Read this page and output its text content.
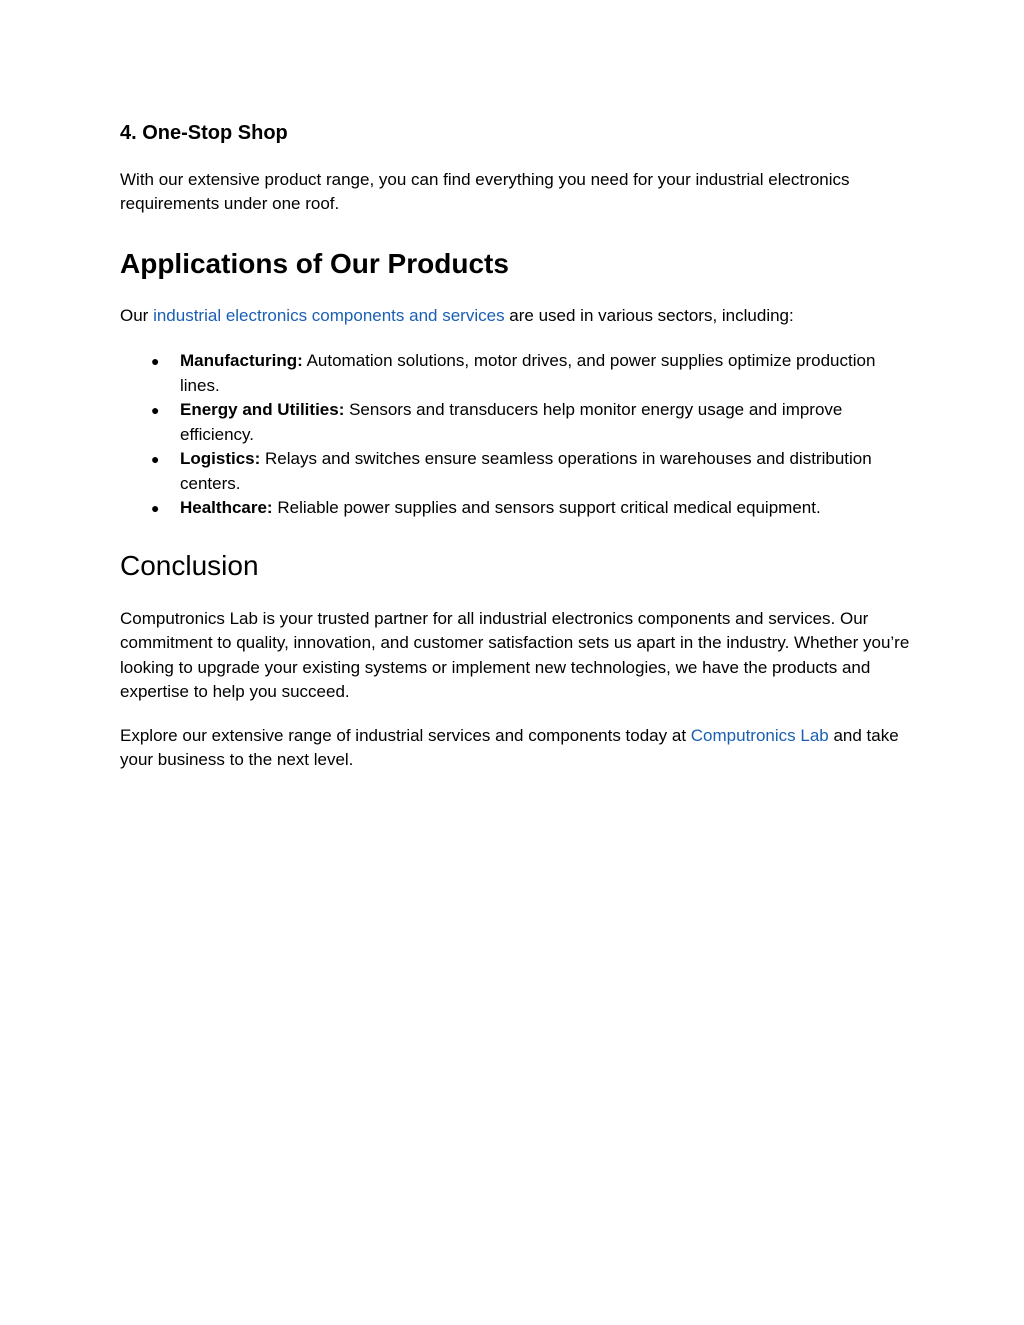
4. One-Stop Shop

With our extensive product range, you can find everything you need for your industrial electronics requirements under one roof.

Applications of Our Products

Our industrial electronics components and services are used in various sectors, including:

● Manufacturing: Automation solutions, motor drives, and power supplies optimize production lines.
● Energy and Utilities: Sensors and transducers help monitor energy usage and improve efficiency.
● Logistics: Relays and switches ensure seamless operations in warehouses and distribution centers.
● Healthcare: Reliable power supplies and sensors support critical medical equipment.
Conclusion

Computronics Lab is your trusted partner for all industrial electronics components and services. Our commitment to quality, innovation, and customer satisfaction sets us apart in the industry. Whether you’re looking to upgrade your existing systems or implement new technologies, we have the products and expertise to help you succeed.

Explore our extensive range of industrial services and components today at Computronics Lab and take your business to the next level.
